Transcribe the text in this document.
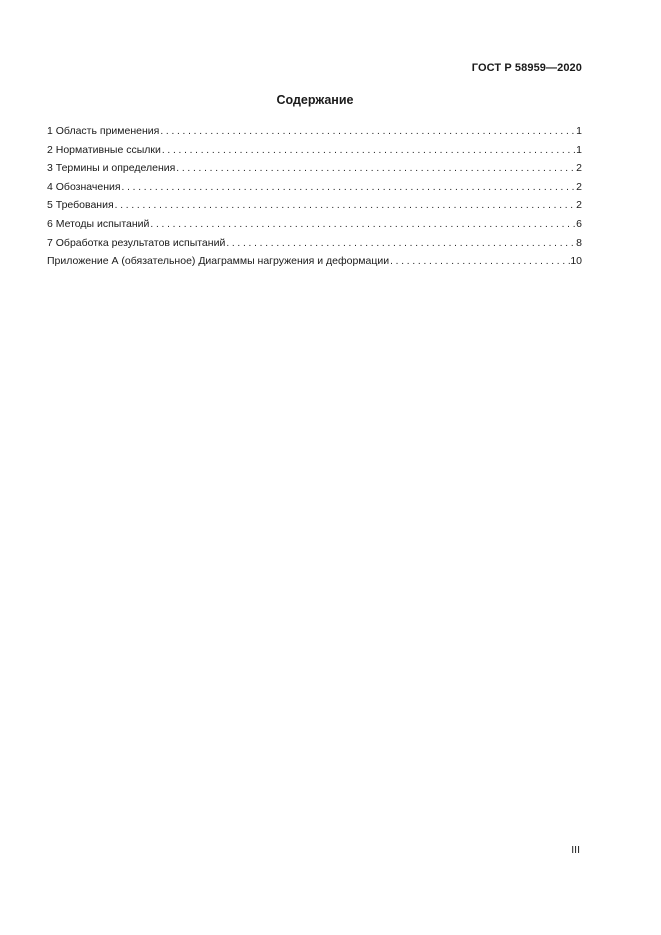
ГОСТ Р 58959—2020
Содержание
1 Область применения . . .	1
2 Нормативные ссылки . . .	1
3 Термины и определения . . .	2
4 Обозначения . . .	2
5 Требования . . .	2
6 Методы испытаний . . .	6
7 Обработка результатов испытаний . . .	8
Приложение А (обязательное) Диаграммы нагружения и деформации . . .	10
III
